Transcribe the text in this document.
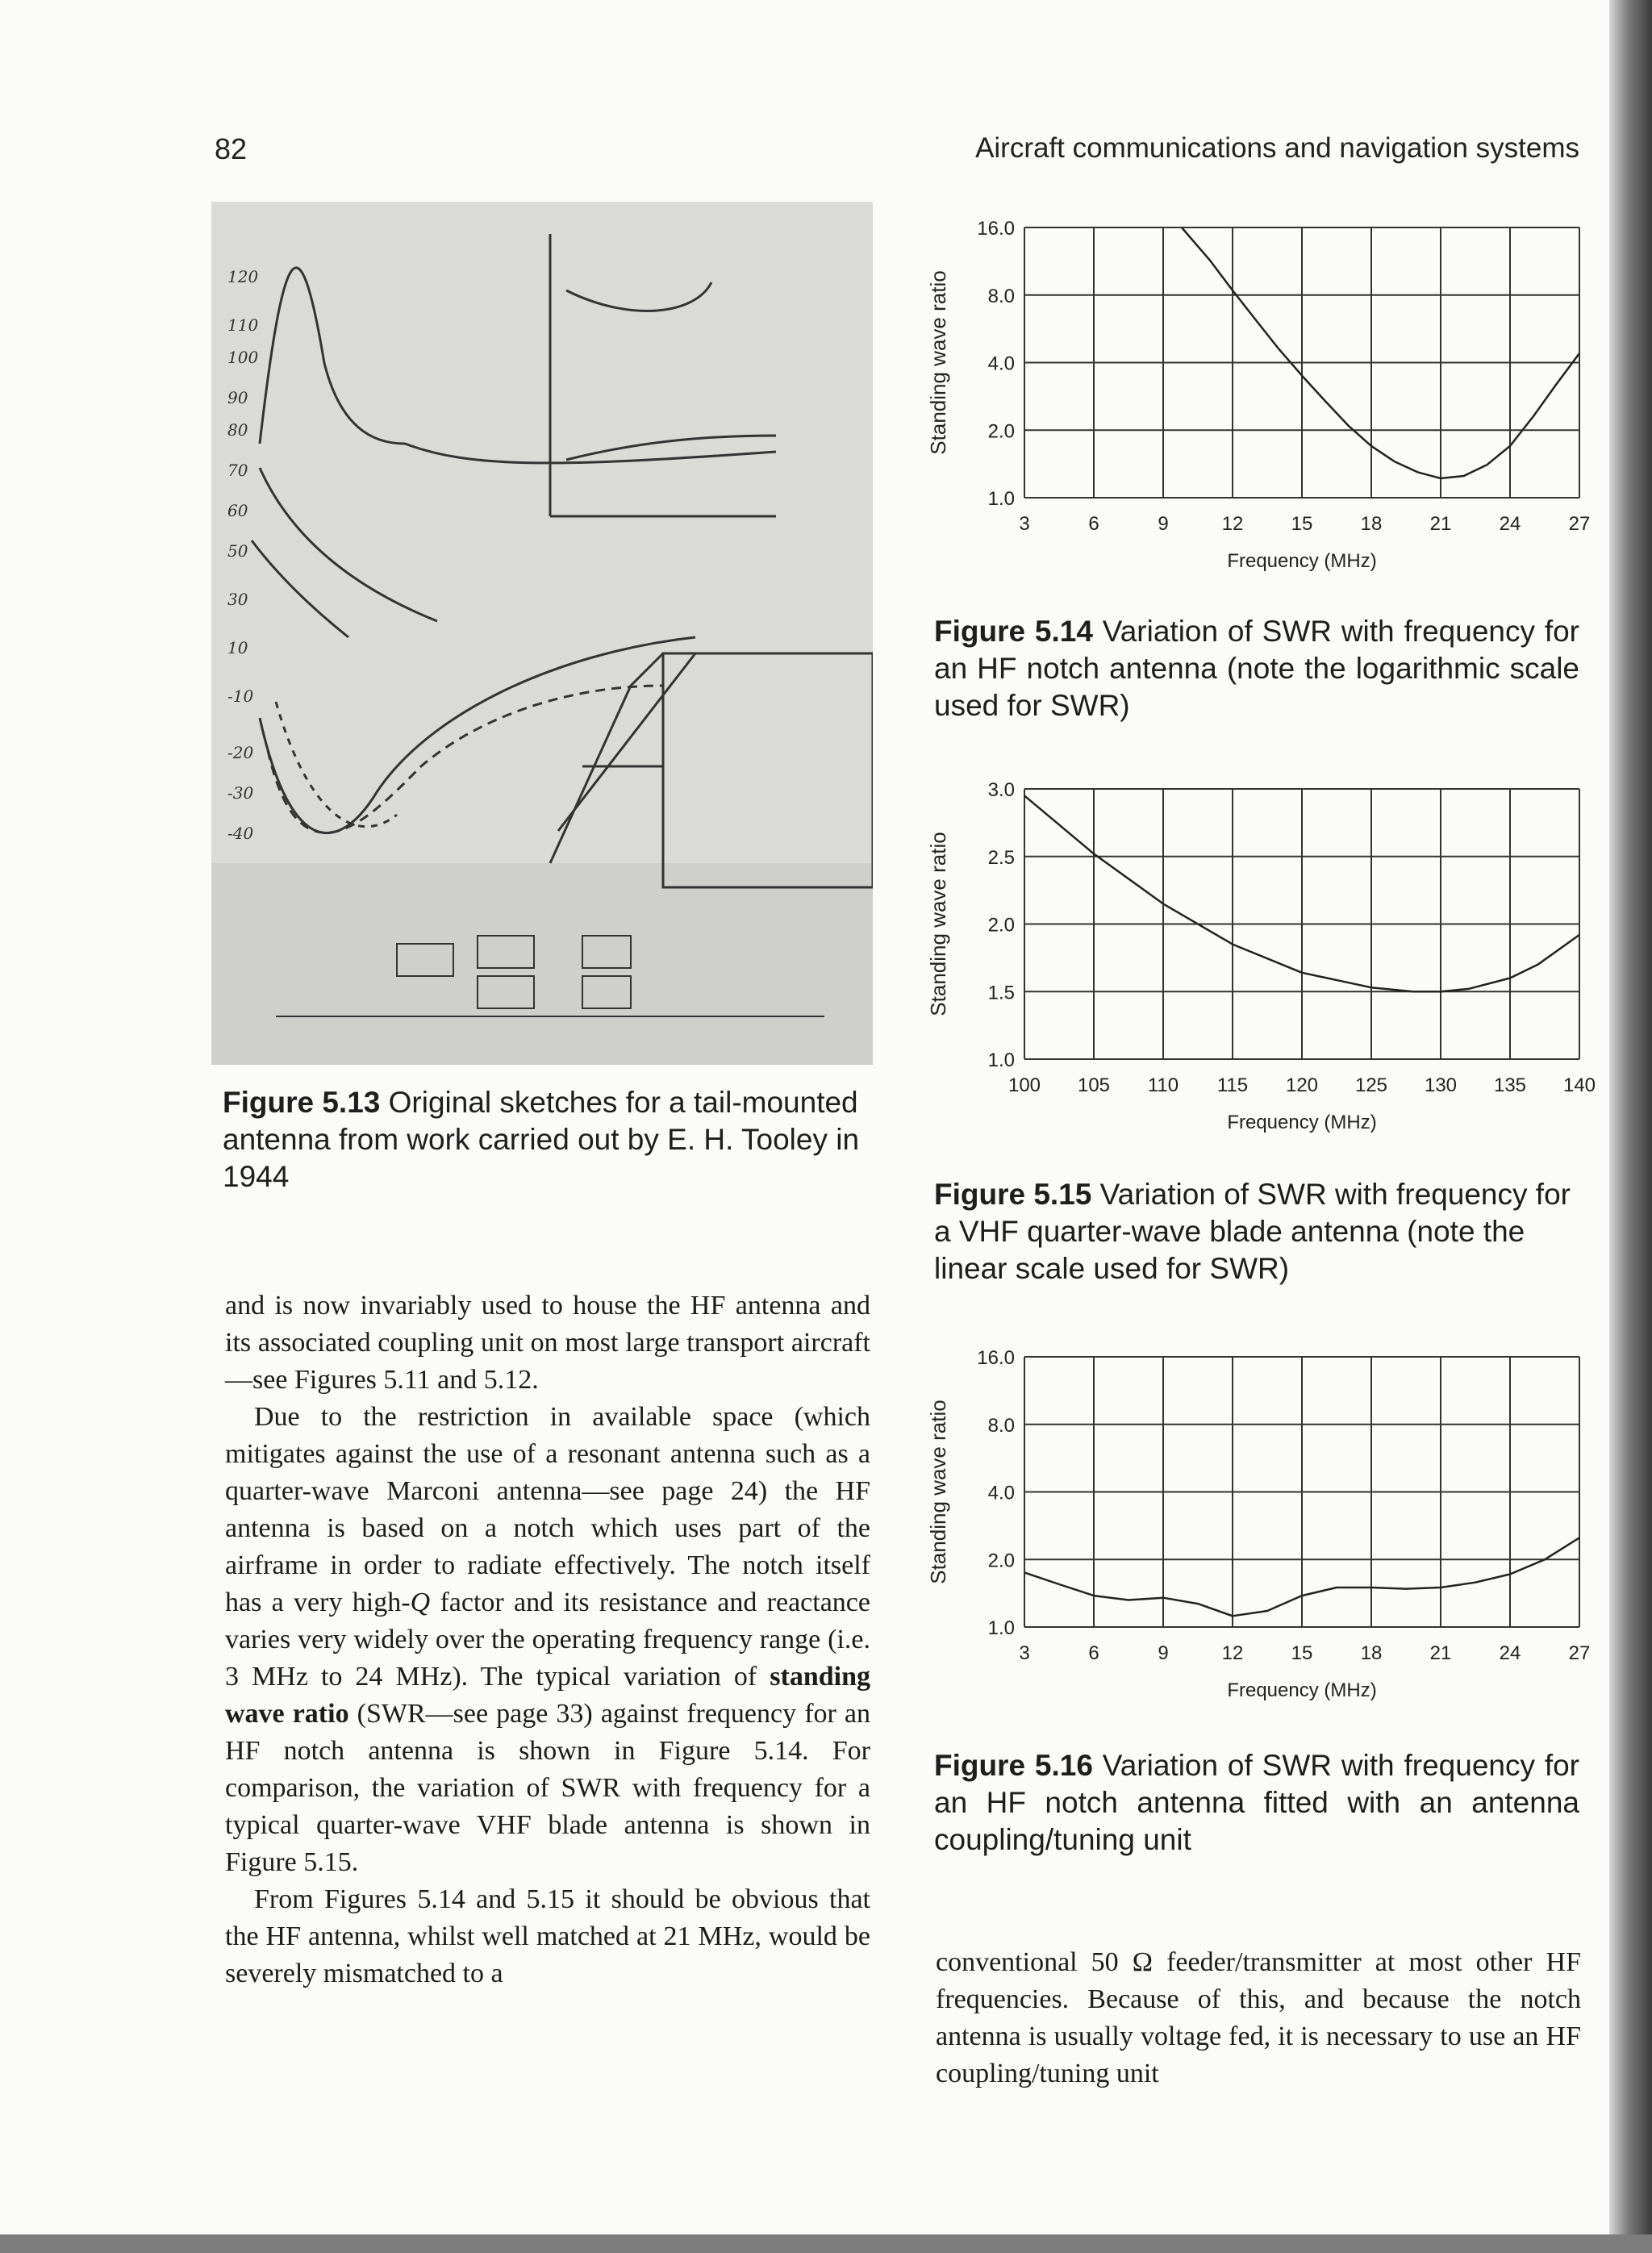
82	Aircraft communications and navigation systems
120
110
100
90
80
70
60
50
30
10
-10
-20
-30
-40
Figure 5.13 Original sketches for a tail-mounted antenna from work carried out by E. H. Tooley in 1944

and is now invariably used to house the HF antenna and its associated coupling unit on most large transport aircraft—see Figures 5.11 and 5.12.

Due to the restriction in available space (which mitigates against the use of a resonant antenna such as a quarter-wave Marconi antenna—see page 24) the HF antenna is based on a notch which uses part of the airframe in order to radiate effectively. The notch itself has a very high-Q factor and its resistance and reactance varies very widely over the operating frequency range (i.e. 3 MHz to 24 MHz). The typical variation of standing wave ratio (SWR—see page 33) against frequency for an HF notch antenna is shown in Figure 5.14. For comparison, the variation of SWR with frequency for a typical quarter-wave VHF blade antenna is shown in Figure 5.15.

From Figures 5.14 and 5.15 it should be obvious that the HF antenna, whilst well matched at 21 MHz, would be severely mismatched to a

3	6	9	12 15 18 21 24 27
1.0
2.0
4.0
8.0
16.0
Frequency (MHz)
Standing wave ratio
Figure 5.14 Variation of SWR with frequency for an HF notch antenna (note the logarithmic scale used for SWR)
100 105 110 115 120 125 130 135 140
1.0
1.5
2.0
2.5
3.0
Frequency (MHz)
Standing wave ratio
Figure 5.15 Variation of SWR with frequency for a VHF quarter-wave blade antenna (note the linear scale used for SWR)
3	6	9	12 15 18 21 24 27
1.0
2.0
4.0
8.0
16.0
Frequency (MHz)
Standing wave ratio
Figure 5.16 Variation of SWR with frequency for an HF notch antenna fitted with an antenna coupling/tuning unit

conventional 50 Ω feeder/transmitter at most other HF frequencies. Because of this, and because the notch antenna is usually voltage fed, it is necessary to use an HF coupling/tuning unit
